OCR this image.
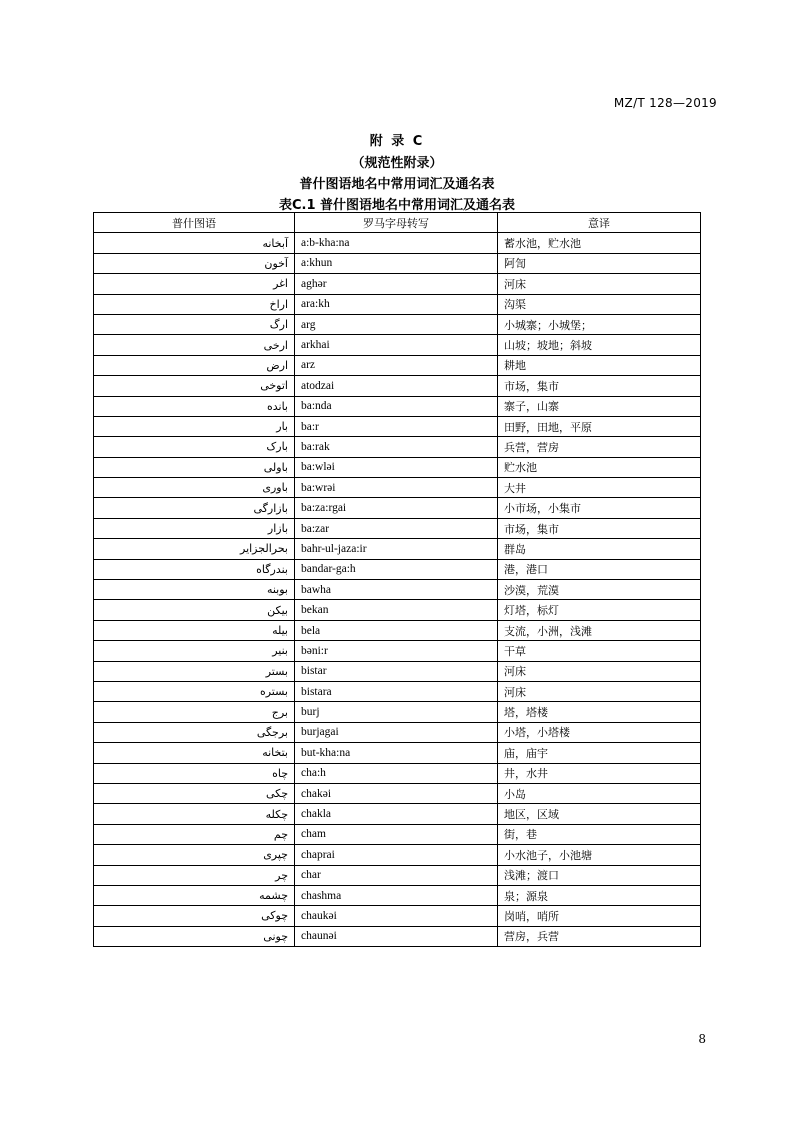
MZ/T 128—2019
附 录 C
（规范性附录）
普什图语地名中常用词汇及通名表
表C.1 普什图语地名中常用词汇及通名表
普什图语	罗马字母转写	意译
آبخانه	a:b-kha:na	蓄水池，贮水池
آخون	a:khun	阿訇
اغر	aghər	河床
اراخ	ara:kh	沟渠
ارگ	arg	小城寨；小城堡；
ارخی	arkhai	山坡；坡地；斜坡
ارض	arz	耕地
اتوخی	atodzai	市场，集市
بانده	ba:nda	寨子，山寨
بار	ba:r	田野，田地，平原
بارک	ba:rak	兵营，营房
باولی	ba:wləi	贮水池
باوری	ba:wrəi	大井
بازارگی	ba:za:rgai	小市场，小集市
بازار	ba:zar	市场，集市
بحرالجزایر	bahr-ul-jaza:ir	群岛
بندرگاه	bandar-ga:h	港，港口
بوبنه	bawha	沙漠，荒漠
بیکن	bekan	灯塔，标灯
بیله	bela	支流，小洲，浅滩
بنیر	bəni:r	干草
بستر	bistar	河床
بستره	bistara	河床
برج	burj	塔，塔楼
برجگی	burjagai	小塔，小塔楼
بتخانه	but-kha:na	庙，庙宇
چاه	cha:h	井，水井
چکی	chakəi	小岛
چکله	chakla	地区，区域
چم	cham	街，巷
چپری	chaprai	小水池子，小池塘
چر	char	浅滩；渡口
چشمه	chashma	泉；源泉
چوکی	chaukəi	岗哨，哨所
چونی	chaunəi	营房，兵营
8
